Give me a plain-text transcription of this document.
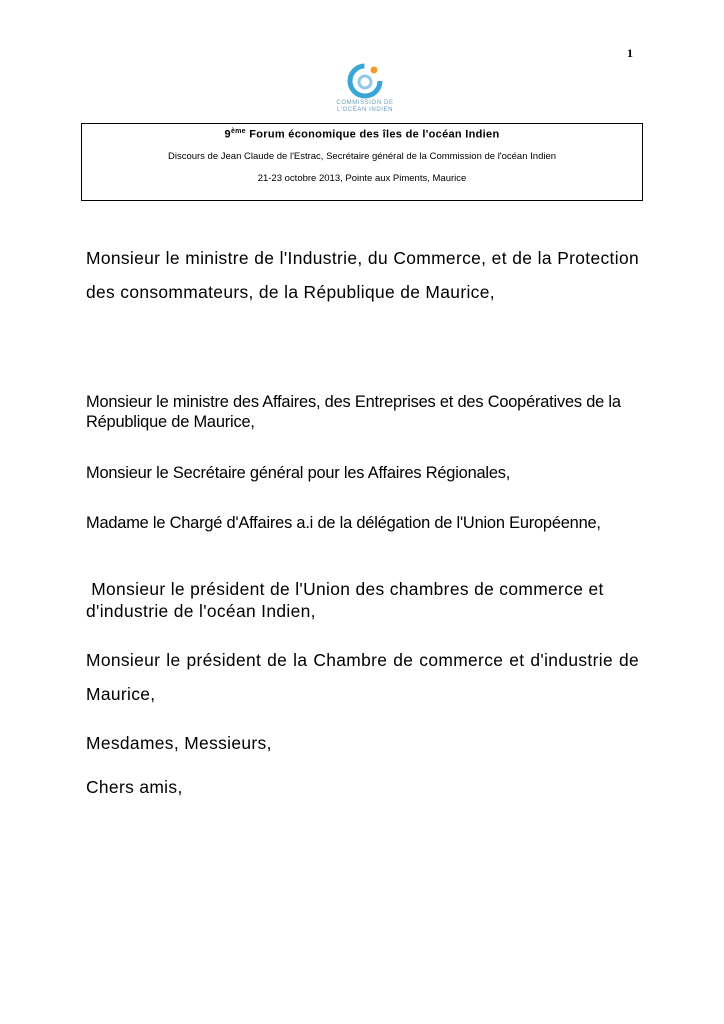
1
COMMISSION DE
L'OCÉAN INDIEN
9ème Forum économique des îles de l'océan Indien
Discours de Jean Claude de l'Estrac, Secrétaire général de la Commission de l'océan Indien
21-23 octobre 2013, Pointe aux Piments, Maurice
Monsieur le ministre de l'Industrie, du Commerce, et de la Protection des consommateurs, de la République de Maurice,
Monsieur le ministre des Affaires, des Entreprises et des Coopératives de la République de Maurice,
Monsieur le Secrétaire général pour les Affaires Régionales,
Madame le Chargé d'Affaires a.i de la délégation de l'Union Européenne,
Monsieur le président de l'Union des chambres de commerce et d'industrie de l'océan Indien,
Monsieur le président de la Chambre de commerce et d'industrie de Maurice,
Mesdames, Messieurs,
Chers amis,
